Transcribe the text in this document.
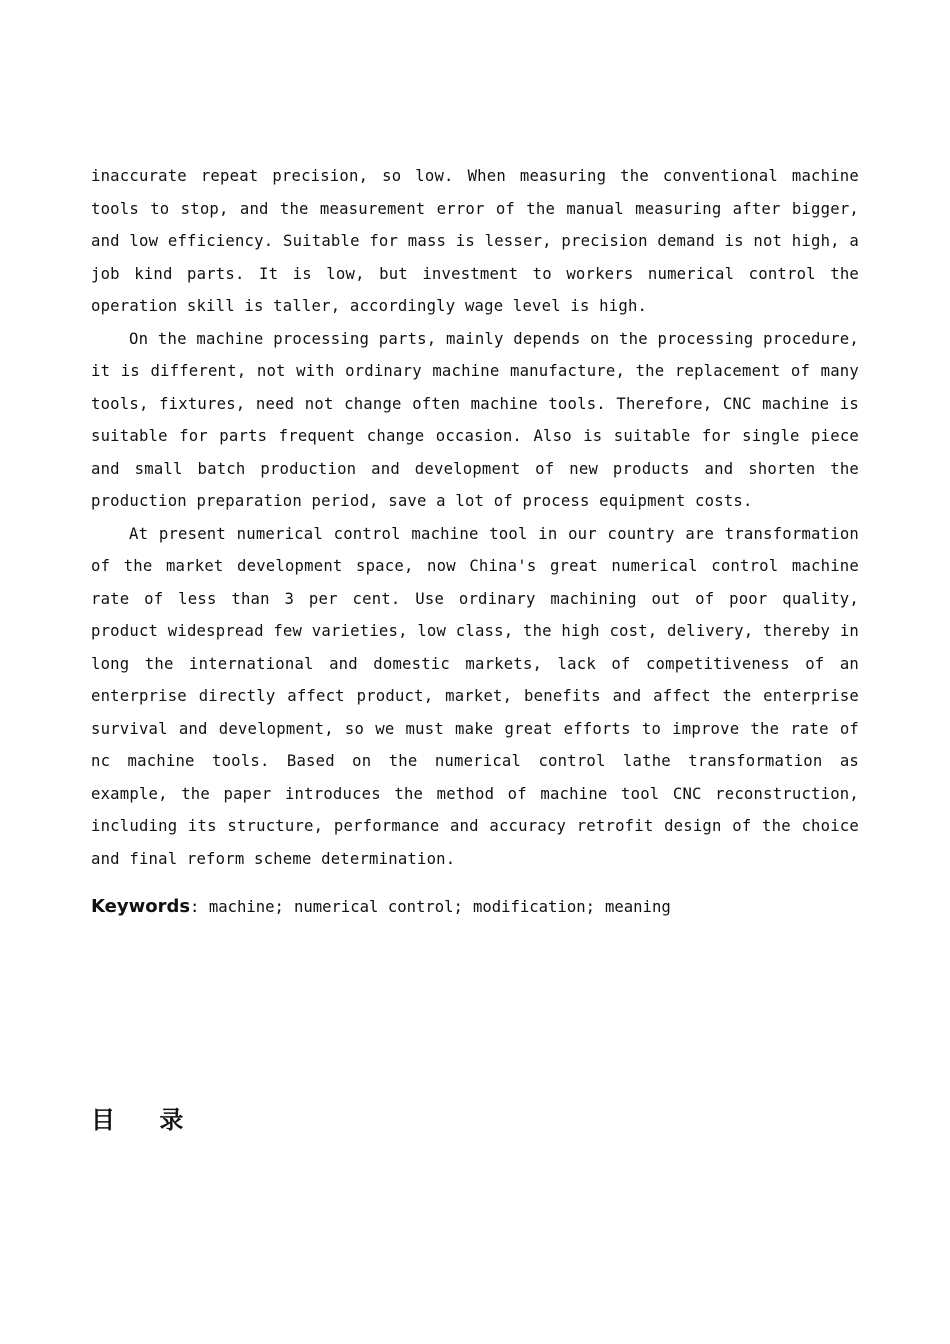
inaccurate repeat precision, so low. When measuring the conventional machine tools to stop, and the measurement error of the manual measuring after bigger, and low efficiency. Suitable for mass is lesser, precision demand is not high, a job kind parts. It is low, but investment to workers numerical control the operation skill is taller, accordingly wage level is high.

On the machine processing parts, mainly depends on the processing procedure, it is different, not with ordinary machine manufacture, the replacement of many tools, fixtures, need not change often machine tools. Therefore, CNC machine is suitable for parts frequent change occasion. Also is suitable for single piece and small batch production and development of new products and shorten the production preparation period, save a lot of process equipment costs.

At present numerical control machine tool in our country are transformation of the market development space, now China's great numerical control machine rate of less than 3 per cent. Use ordinary machining out of poor quality, product widespread few varieties, low class, the high cost, delivery, thereby in long the international and domestic markets, lack of competitiveness of an enterprise directly affect product, market, benefits and affect the enterprise survival and development, so we must make great efforts to improve the rate of nc machine tools. Based on the numerical control lathe transformation as example, the paper introduces the method of machine tool CNC reconstruction, including its structure, performance and accuracy retrofit design of the choice and final reform scheme determination.

Keywords: machine; numerical control; modification; meaning
目 录
